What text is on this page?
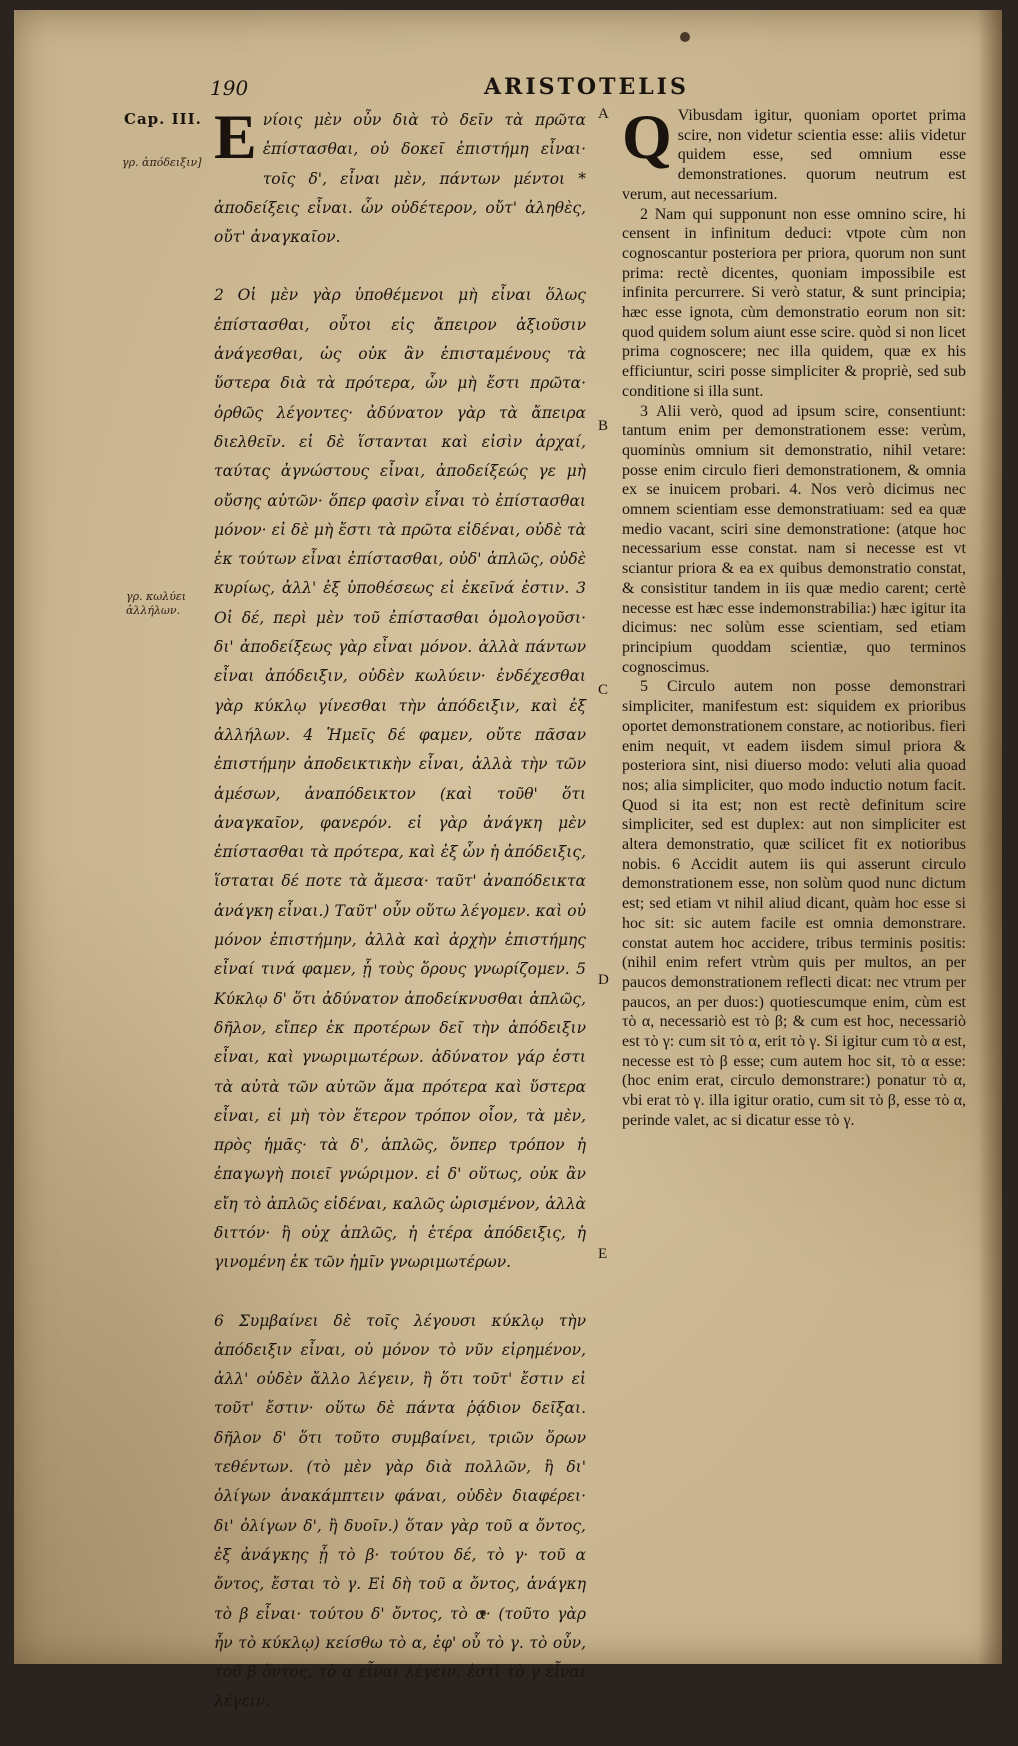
190	ARISTOTELIS
Cap. III.
γρ. ἀπόδειξιν]
γρ. κωλύει ἀλλήλων.
A
B
C
D
E

Eνίοις μὲν οὖν διὰ τὸ δεῖν τὰ πρῶτα ἐπίστασθαι, οὐ δοκεῖ ἐπιστήμη εἶναι· τοῖς δ', εἶναι μὲν, πάντων μέντοι * ἀποδείξεις εἶναι. ὧν οὐδέτερον, οὔτ' ἀληθὲς, οὔτ' ἀναγκαῖον.

2 Οἱ μὲν γὰρ ὑποθέμενοι μὴ εἶναι ὅλως ἐπίστασθαι, οὗτοι εἰς ἄπειρον ἀξιοῦσιν ἀνάγεσθαι, ὡς οὐκ ἂν ἐπισταμένους τὰ ὕστερα διὰ τὰ πρότερα, ὧν μὴ ἔστι πρῶτα· ὀρθῶς λέγοντες· ἀδύνατον γὰρ τὰ ἄπειρα διελθεῖν. εἰ δὲ ἵστανται καὶ εἰσὶν ἀρχαί, ταύτας ἀγνώστους εἶναι, ἀποδείξεώς γε μὴ οὔσης αὐτῶν· ὅπερ φασὶν εἶναι τὸ ἐπίστασθαι μόνον· εἰ δὲ μὴ ἔστι τὰ πρῶτα εἰδέναι, οὐδὲ τὰ ἐκ τούτων εἶναι ἐπίστασθαι, οὐδ' ἁπλῶς, οὐδὲ κυρίως, ἀλλ' ἐξ ὑποθέσεως εἰ ἐκεῖνά ἐστιν. 3 Οἱ δέ, περὶ μὲν τοῦ ἐπίστασθαι ὁμολογοῦσι· δι' ἀποδείξεως γὰρ εἶναι μόνον. ἀλλὰ πάντων εἶναι ἀπόδειξιν, οὐδὲν κωλύειν· ἐνδέχεσθαι γὰρ κύκλῳ γίνεσθαι τὴν ἀπόδειξιν, καὶ ἐξ ἀλλήλων. 4 Ἡμεῖς δέ φαμεν, οὔτε πᾶσαν ἐπιστήμην ἀποδεικτικὴν εἶναι, ἀλλὰ τὴν τῶν ἀμέσων, ἀναπόδεικτον (καὶ τοῦθ' ὅτι ἀναγκαῖον, φανερόν. εἰ γὰρ ἀνάγκη μὲν ἐπίστασθαι τὰ πρότερα, καὶ ἐξ ὧν ἡ ἀπόδειξις, ἵσταται δέ ποτε τὰ ἄμεσα· ταῦτ' ἀναπόδεικτα ἀνάγκη εἶναι.) Ταῦτ' οὖν οὕτω λέγομεν. καὶ οὐ μόνον ἐπιστήμην, ἀλλὰ καὶ ἀρχὴν ἐπιστήμης εἶναί τινά φαμεν, ᾗ τοὺς ὅρους γνωρίζομεν. 5 Κύκλῳ δ' ὅτι ἀδύνατον ἀποδείκνυσθαι ἁπλῶς, δῆλον, εἴπερ ἐκ προτέρων δεῖ τὴν ἀπόδειξιν εἶναι, καὶ γνωριμωτέρων. ἀδύνατον γάρ ἐστι τὰ αὐτὰ τῶν αὐτῶν ἅμα πρότερα καὶ ὕστερα εἶναι, εἰ μὴ τὸν ἕτερον τρόπον οἷον, τὰ μὲν, πρὸς ἡμᾶς· τὰ δ', ἁπλῶς, ὅνπερ τρόπον ἡ ἐπαγωγὴ ποιεῖ γνώριμον. εἰ δ' οὕτως, οὐκ ἂν εἴη τὸ ἁπλῶς εἰδέναι, καλῶς ὡρισμένον, ἀλλὰ διττόν· ἢ οὐχ ἁπλῶς, ἡ ἑτέρα ἀπόδειξις, ἡ γινομένη ἐκ τῶν ἡμῖν γνωριμωτέρων.

6 Συμβαίνει δὲ τοῖς λέγουσι κύκλῳ τὴν ἀπόδειξιν εἶναι, οὐ μόνον τὸ νῦν εἰρημένον, ἀλλ' οὐδὲν ἄλλο λέγειν, ἢ ὅτι τοῦτ' ἔστιν εἰ τοῦτ' ἔστιν· οὕτω δὲ πάντα ῥᾴδιον δεῖξαι. δῆλον δ' ὅτι τοῦτο συμβαίνει, τριῶν ὅρων τεθέντων. (τὸ μὲν γὰρ διὰ πολλῶν, ἢ δι' ὀλίγων ἀνακάμπτειν φάναι, οὐδὲν διαφέρει· δι' ὀλίγων δ', ἢ δυοῖν.) ὅταν γὰρ τοῦ α ὄντος, ἐξ ἀνάγκης ᾖ τὸ β· τούτου δέ, τὸ γ· τοῦ α ὄντος, ἔσται τὸ γ. Εἰ δὴ τοῦ α ὄντος, ἀνάγκη τὸ β εἶναι· τούτου δ' ὄντος, τὸ α· (τοῦτο γὰρ ἦν τὸ κύκλῳ) κείσθω τὸ α, ἐφ' οὗ τὸ γ. τὸ οὖν, τοῦ β ὄντος, τὸ α εἶναι λέγειν, ἐστὶ τὸ γ εἶναι λέγειν.

Q Vibusdam igitur, quoniam oportet prima scire, non videtur scientia esse: aliis videtur quidem esse, sed omnium esse demonstrationes. quorum neutrum est verum, aut necessarium.

2 Nam qui supponunt non esse omnino scire, hi censent in infinitum deduci: vtpote cùm non cognoscantur posteriora per priora, quorum non sunt prima: rectè dicentes, quoniam impossibile est infinita percurrere. Si verò statur, & sunt principia; hæc esse ignota, cùm demonstratio eorum non sit: quod quidem solum aiunt esse scire. quòd si non licet prima cognoscere; nec illa quidem, quæ ex his efficiuntur, sciri posse simpliciter & propriè, sed sub conditione si illa sunt.

3 Alii verò, quod ad ipsum scire, consentiunt: tantum enim per demonstrationem esse: verùm, quominùs omnium sit demonstratio, nihil vetare: posse enim circulo fieri demonstrationem, & omnia ex se inuicem probari. 4. Nos verò dicimus nec omnem scientiam esse demonstratiuam: sed ea quæ medio vacant, sciri sine demonstratione: (atque hoc necessarium esse constat. nam si necesse est vt sciantur priora & ea ex quibus demonstratio constat, & consistitur tandem in iis quæ medio carent; certè necesse est hæc esse indemonstrabilia:) hæc igitur ita dicimus: nec solùm esse scientiam, sed etiam principium quoddam scientiæ, quo terminos cognoscimus.

5 Circulo autem non posse demonstrari simpliciter, manifestum est: siquidem ex prioribus oportet demonstrationem constare, ac notioribus. fieri enim nequit, vt eadem iisdem simul priora & posteriora sint, nisi diuerso modo: veluti alia quoad nos; alia simpliciter, quo modo inductio notum facit. Quod si ita est; non est rectè definitum scire simpliciter, sed est duplex: aut non simpliciter est altera demonstratio, quæ scilicet fit ex notioribus nobis. 6 Accidit autem iis qui asserunt circulo demonstrationem esse, non solùm quod nunc dictum est; sed etiam vt nihil aliud dicant, quàm hoc esse si hoc sit: sic autem facile est omnia demonstrare. constat autem hoc accidere, tribus terminis positis: (nihil enim refert vtrùm quis per multos, an per paucos demonstrationem reflecti dicat: nec vtrum per paucos, an per duos:) quotiescumque enim, cùm est τὸ α, necessariò est τὸ β; & cum est hoc, necessariò est τὸ γ: cum sit τὸ α, erit τὸ γ. Si igitur cum τὸ α est, necesse est τὸ β esse; cum autem hoc sit, τὸ α esse: (hoc enim erat, circulo demonstrare:) ponatur τὸ α, vbi erat τὸ γ. illa igitur oratio, cum sit τὸ β, esse τὸ α, perinde valet, ac si dicatur esse τὸ γ.
